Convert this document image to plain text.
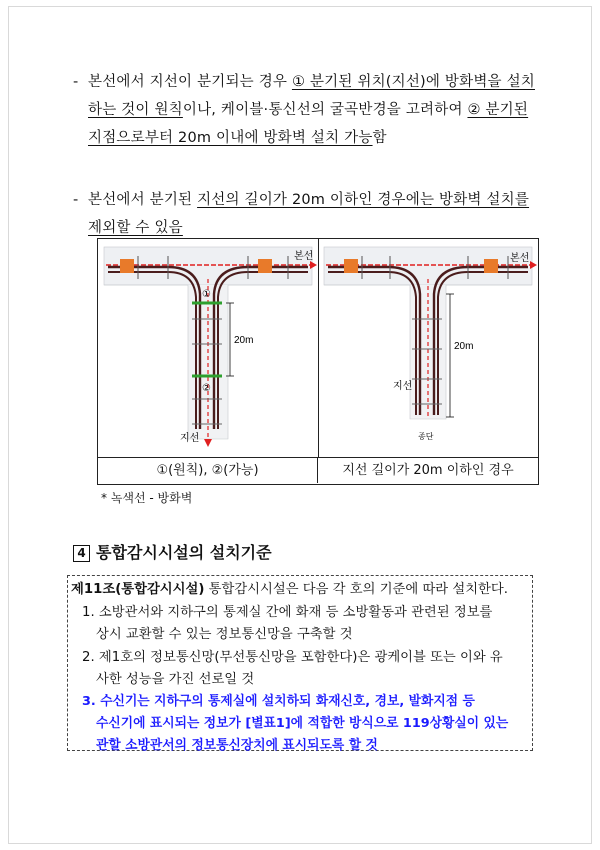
- 본선에서 지선이 분기되는 경우 ① 분기된 위치(지선)에 방화벽을 설치하는 것이 원칙이나, 케이블·통신선의 굴곡반경을 고려하여 ② 분기된 지점으로부터 20m 이내에 방화벽 설치 가능함
- 본선에서 분기된 지선의 길이가 20m 이하인 경우에는 방화벽 설치를 제외할 수 있음
본선
①
②
20m
지선
본선
20m
지선
종단
①(원칙), ②(가능)	지선 길이가 20m 이하인 경우
* 녹색선 - 방화벽
4 통합감시시설의 설치기준
제11조(통합감시시설) 통합감시시설은 다음 각 호의 기준에 따라 설치한다.
1. 소방관서와 지하구의 통제실 간에 화재 등 소방활동과 관련된 정보를
상시 교환할 수 있는 정보통신망을 구축할 것
2. 제1호의 정보통신망(무선통신망을 포함한다)은 광케이블 또는 이와 유
사한 성능을 가진 선로일 것
3. 수신기는 지하구의 통제실에 설치하되 화재신호, 경보, 발화지점 등
수신기에 표시되는 정보가 [별표1]에 적합한 방식으로 119상황실이 있는
관할 소방관서의 정보통신장치에 표시되도록 할 것
